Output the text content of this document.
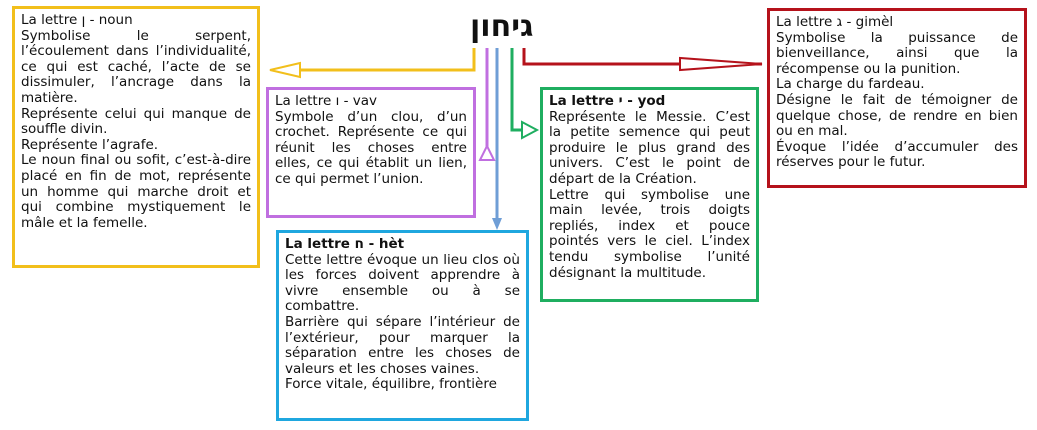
גיחון
La lettre ן - noun

Symbolise le serpent, l’écoulement dans l’individualité, ce qui est caché, l’acte de se dissimuler, l’ancrage dans la matière.

Représente celui qui manque de souffle divin.

Représente l’agrafe.

Le noun final ou sofit, c’est-à-dire placé en fin de mot, représente un homme qui marche droit et qui combine mystiquement le mâle et la femelle.

La lettre ו - vav

Symbole d’un clou, d’un crochet. Représente ce qui réunit les choses entre elles, ce qui établit un lien, ce qui permet l’union.

La lettre ח - hèt

Cette lettre évoque un lieu clos où les forces doivent apprendre à vivre ensemble ou à se combattre.

Barrière qui sépare l’intérieur de l’extérieur, pour marquer la séparation entre les choses de valeurs et les choses vaines.

Force vitale, équilibre, frontière

La lettre י - yod

Représente le Messie. C’est la petite semence qui peut produire le plus grand des univers. C’est le point de départ de la Création.

Lettre qui symbolise une main levée, trois doigts repliés, index et pouce pointés vers le ciel. L’index tendu symbolise l’unité désignant la multitude.

La lettre ג - gimèl

Symbolise la puissance de bienveillance, ainsi que la récompense ou la punition.

La charge du fardeau.

Désigne le fait de témoigner de quelque chose, de rendre en bien ou en mal.

Évoque l’idée d’accumuler des réserves pour le futur.
